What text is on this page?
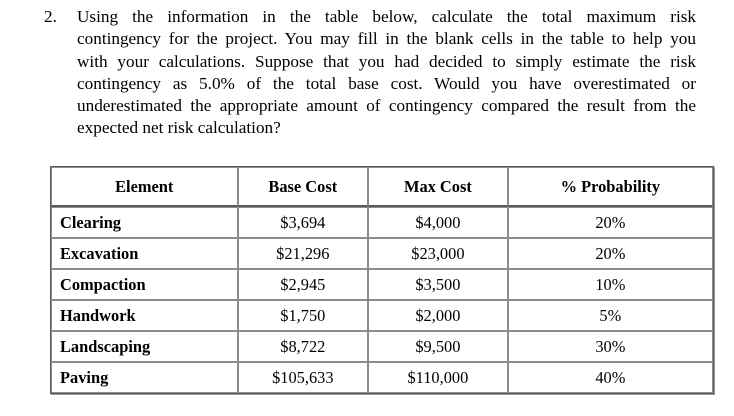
2. Using the information in the table below, calculate the total maximum risk
contingency for the project. You may fill in the blank cells in the table to help you
with your calculations. Suppose that you had decided to simply estimate the risk
contingency as 5.0% of the total base cost. Would you have overestimated or
underestimated the appropriate amount of contingency compared the result from the
expected net risk calculation?
Element	Base Cost	Max Cost	% Probability
Clearing	$3,694	$4,000	20%
Excavation	$21,296	$23,000	20%
Compaction	$2,945	$3,500	10%
Handwork	$1,750	$2,000	5%
Landscaping	$8,722	$9,500	30%
Paving	$105,633	$110,000	40%
